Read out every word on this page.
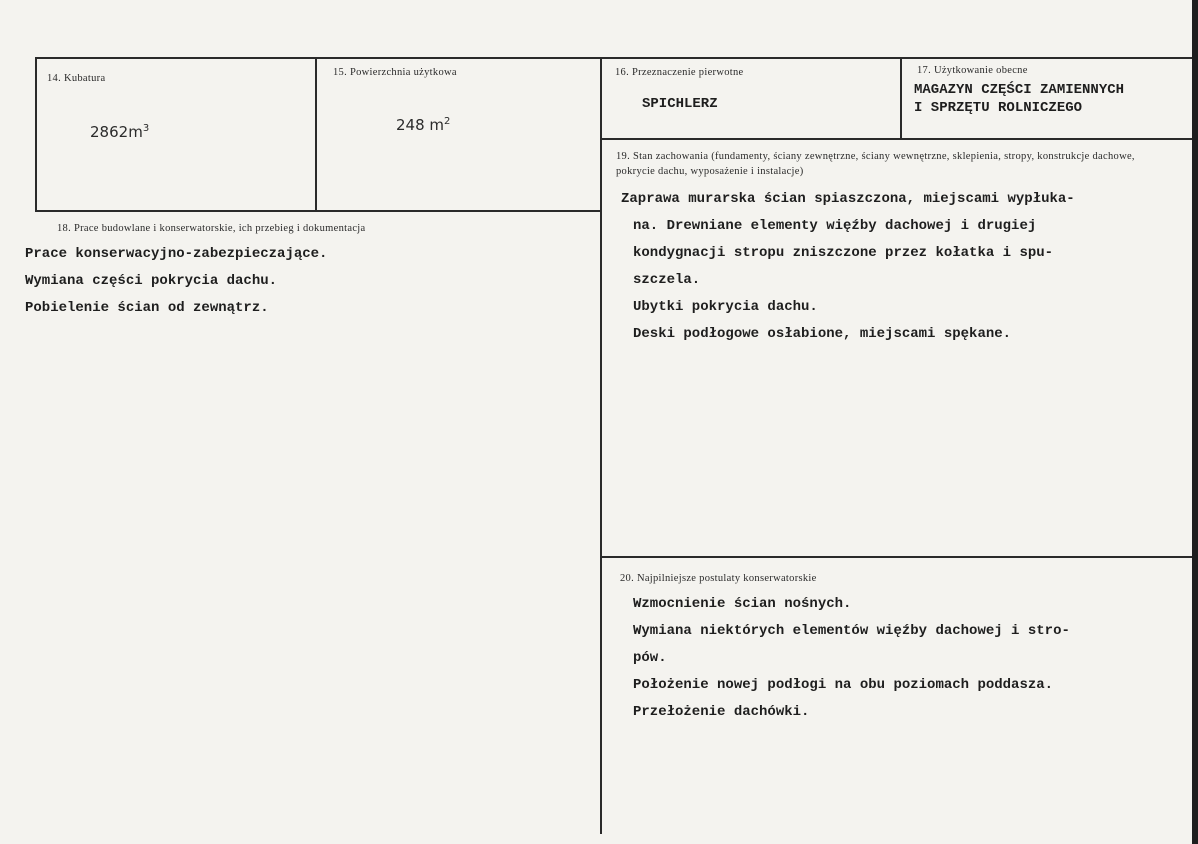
14. Kubatura
$2862m^3$
15. Powierzchnia użytkowa
248 $m^2$
16. Przeznaczenie pierwotne
SPICHLERZ
17. Użytkowanie obecne
MAGAZYN CZĘŚCI ZAMIENNYCH
I SPRZĘTU ROLNICZEGO
18. Prace budowlane i konserwatorskie, ich przebieg i dokumentacja
Prace konserwacyjno-zabezpieczające.
Wymiana części pokrycia dachu.
Pobielenie ścian od zewnątrz.
19. Stan zachowania (fundamenty, ściany zewnętrzne, ściany wewnętrzne, sklepienia, stropy, konstrukcje dachowe, pokrycie dachu, wyposażenie i instalacje)
Zaprawa murarska ścian spiaszczona, miejscami wypłuka-
na. Drewniane elementy więźby dachowej i drugiej
kondygnacji stropu zniszczone przez kołatka i spu-
szczela.
Ubytki pokrycia dachu.
Deski podłogowe osłabione, miejscami spękane.
20. Najpilniejsze postulaty konserwatorskie
Wzmocnienie ścian nośnych.
Wymiana niektórych elementów więźby dachowej i stro-
pów.
Położenie nowej podłogi na obu poziomach poddasza.
Przełożenie dachówki.
